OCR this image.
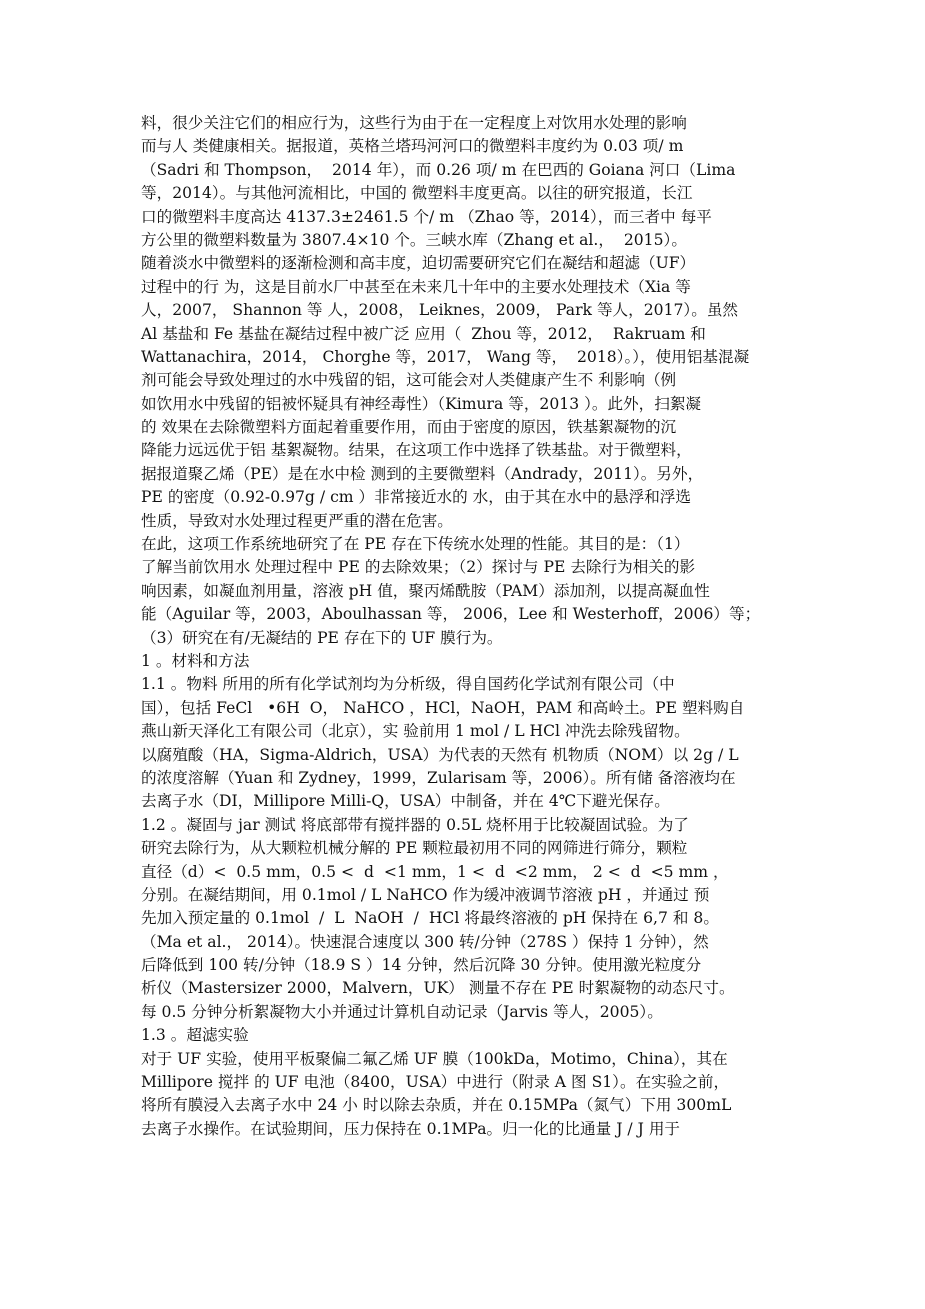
料，很少关注它们的相应行为，这些行为由于在一定程度上对饮用水处理的影响
而与人 类健康相关。据报道，英格兰塔玛河河口的微塑料丰度约为 0.03 项/ m
（Sadri 和 Thompson，  2014 年），而 0.26 项/ m 在巴西的 Goiana 河口（Lima
等，2014）。与其他河流相比，中国的 微塑料丰度更高。以往的研究报道，长江
口的微塑料丰度高达 4137.3±2461.5 个/ m （Zhao 等，2014），而三者中 每平
方公里的微塑料数量为 3807.4×10 个。三峡水库（Zhang et al.，  2015）。
随着淡水中微塑料的逐渐检测和高丰度，迫切需要研究它们在凝结和超滤（UF）
过程中的行 为，这是目前水厂中甚至在未来几十年中的主要水处理技术（Xia 等
人，2007， Shannon 等 人，2008， Leiknes，2009， Park 等人，2017）。虽然
Al 基盐和 Fe 基盐在凝结过程中被广泛 应用（  Zhou 等，2012，  Rakruam 和
Wattanachira，2014， Chorghe 等，2017， Wang 等，  2018）。），使用铝基混凝
剂可能会导致处理过的水中残留的铝，这可能会对人类健康产生不 利影响（例
如饮用水中残留的铝被怀疑具有神经毒性）（Kimura 等，2013 ）。此外，扫絮凝
的 效果在去除微塑料方面起着重要作用，而由于密度的原因，铁基絮凝物的沉
降能力远远优于铝 基絮凝物。结果，在这项工作中选择了铁基盐。对于微塑料，
据报道聚乙烯（PE）是在水中检 测到的主要微塑料（Andrady，2011）。另外，
PE 的密度（0.92-0.97g / cm ）非常接近水的 水，由于其在水中的悬浮和浮选
性质，导致对水处理过程更严重的潜在危害。
在此，这项工作系统地研究了在 PE 存在下传统水处理的性能。其目的是：（1）
了解当前饮用水 处理过程中 PE 的去除效果；（2）探讨与 PE 去除行为相关的影
响因素，如凝血剂用量，溶液 pH 值，聚丙烯酰胺（PAM）添加剂，以提高凝血性
能（Aguilar 等，2003，Aboulhassan 等， 2006，Lee 和 Westerhoff，2006）等；
（3）研究在有/无凝结的 PE 存在下的 UF 膜行为。
1 。材料和方法
1.1 。物料 所用的所有化学试剂均为分析级，得自国药化学试剂有限公司（中
国），包括 FeCl   •6H  O， NaHCO ，HCl，NaOH，PAM 和高岭土。PE 塑料购自
燕山新天泽化工有限公司（北京），实 验前用 1 mol / L HCl 冲洗去除残留物。
以腐殖酸（HA，Sigma-Aldrich，USA）为代表的天然有 机物质（NOM）以 2g / L
的浓度溶解（Yuan 和 Zydney，1999，Zularisam 等，2006）。所有储 备溶液均在
去离子水（DI，Millipore Milli-Q，USA）中制备，并在 4℃下避光保存。
1.2 。凝固与 jar 测试 将底部带有搅拌器的 0.5L 烧杯用于比较凝固试验。为了
研究去除行为，从大颗粒机械分解的 PE 颗粒最初用不同的网筛进行筛分，颗粒
直径（d）<  0.5 mm，0.5 <  d  <1 mm，1 <  d  <2 mm， 2 <  d  <5 mm ，
分别。在凝结期间，用 0.1mol / L NaHCO 作为缓冲液调节溶液 pH ，并通过 预
先加入预定量的 0.1mol  /  L  NaOH  /  HCl 将最终溶液的 pH 保持在 6,7 和 8。
（Ma et al.， 2014）。快速混合速度以 300 转/分钟（278S ）保持 1 分钟），然
后降低到 100 转/分钟（18.9 S ）14 分钟，然后沉降 30 分钟。使用激光粒度分
析仪（Mastersizer 2000，Malvern，UK） 测量不存在 PE 时絮凝物的动态尺寸。
每 0.5 分钟分析絮凝物大小并通过计算机自动记录（Jarvis 等人，2005）。
1.3 。超滤实验
对于 UF 实验，使用平板聚偏二氟乙烯 UF 膜（100kDa，Motimo，China），其在
Millipore 搅拌 的 UF 电池（8400，USA）中进行（附录 A 图 S1）。在实验之前，
将所有膜浸入去离子水中 24 小 时以除去杂质，并在 0.15MPa（氮气）下用 300mL
去离子水操作。在试验期间，压力保持在 0.1MPa。归一化的比通量 J / J 用于
